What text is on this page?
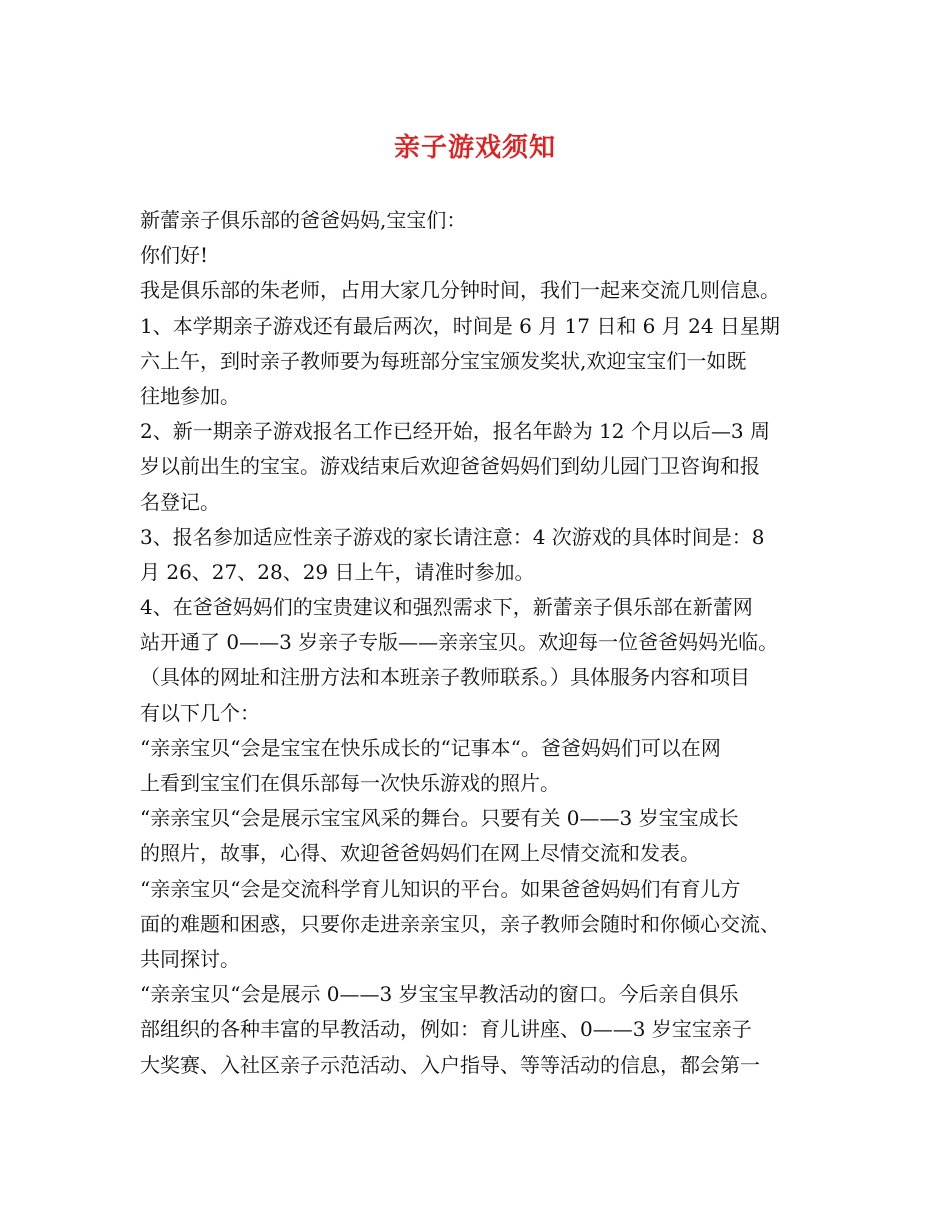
亲子游戏须知
新蕾亲子俱乐部的爸爸妈妈,宝宝们：
你们好!
我是俱乐部的朱老师，占用大家几分钟时间，我们一起来交流几则信息。
1、本学期亲子游戏还有最后两次，时间是 6 月 17 日和 6 月 24 日星期
六上午，到时亲子教师要为每班部分宝宝颁发奖状,欢迎宝宝们一如既
往地参加。
2、新一期亲子游戏报名工作已经开始，报名年龄为 12 个月以后—3 周
岁以前出生的宝宝。游戏结束后欢迎爸爸妈妈们到幼儿园门卫咨询和报
名登记。
3、报名参加适应性亲子游戏的家长请注意：4 次游戏的具体时间是：8
月 26、27、28、29 日上午，请准时参加。
4、在爸爸妈妈们的宝贵建议和强烈需求下，新蕾亲子俱乐部在新蕾网
站开通了 0——3 岁亲子专版——亲亲宝贝。欢迎每一位爸爸妈妈光临。
（具体的网址和注册方法和本班亲子教师联系。）具体服务内容和项目
有以下几个：
“亲亲宝贝“会是宝宝在快乐成长的“记事本“。爸爸妈妈们可以在网
上看到宝宝们在俱乐部每一次快乐游戏的照片。
“亲亲宝贝“会是展示宝宝风采的舞台。只要有关 0——3 岁宝宝成长
的照片，故事，心得、欢迎爸爸妈妈们在网上尽情交流和发表。
“亲亲宝贝“会是交流科学育儿知识的平台。如果爸爸妈妈们有育儿方
面的难题和困惑，只要你走进亲亲宝贝，亲子教师会随时和你倾心交流、
共同探讨。
“亲亲宝贝“会是展示 0——3 岁宝宝早教活动的窗口。今后亲自俱乐
部组织的各种丰富的早教活动，例如：育儿讲座、0——3 岁宝宝亲子
大奖赛、入社区亲子示范活动、入户指导、等等活动的信息，都会第一
